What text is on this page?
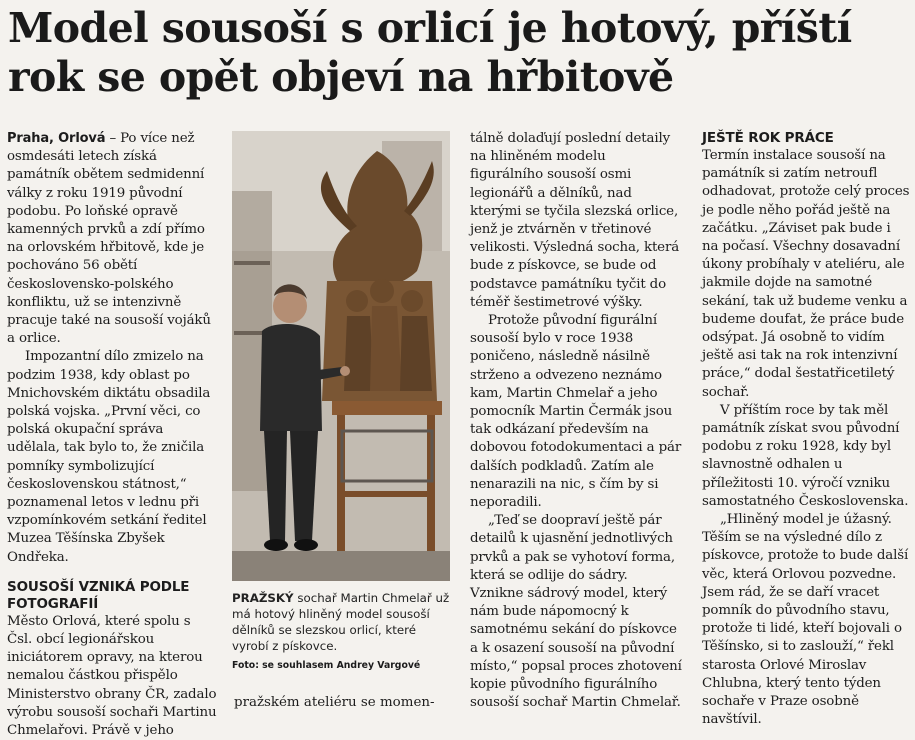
Model sousoší s orlicí je hotový, příští rok se opět objeví na hřbitově

Praha, Orlová – Po více než osmdesáti letech získá památník obětem sedmidenní války z roku 1919 původní podobu. Po loňské opravě kamenných prvků a zdí přímo na orlovském hřbitově, kde je pochováno 56 obětí československo-polského konfliktu, už se intenzivně pracuje také na sousoší vojáků a orlice.

Impozantní dílo zmizelo na podzim 1938, kdy oblast po Mnichovském diktátu obsadila polská vojska. „První věci, co polská okupační správa udělala, tak bylo to, že zničila pomníky symbolizující československou státnost,“ poznamenal letos v lednu při vzpomínkovém setkání ředitel Muzea Těšínska Zbyšek Ondřeka.

SOUSOŠÍ VZNIKÁ PODLE FOTOGRAFIÍ

Město Orlová, které spolu s Čsl. obcí legionářskou iniciátorem opravy, na kterou nemalou částkou přispělo Ministerstvo obrany ČR, zadalo výrobu sousoší sochaři Martinu Chmelařovi. Právě v jeho

PRAŽSKÝ sochař Martin Chmelař už má hotový hliněný model sousoší dělníků se slezskou orlicí, které vyrobí z pískovce.
Foto: se souhlasem Andrey Vargové
pražském ateliéru se momen-

tálně dolaďují poslední detaily na hliněném modelu figurálního sousoší osmi legionářů a dělníků, nad kterými se tyčila slezská orlice, jenž je ztvárněn v třetinové velikosti. Výsledná socha, která bude z pískovce, se bude od podstavce památníku tyčit do téměř šestimetrové výšky.

Protože původní figurální sousoší bylo v roce 1938 poničeno, následně násilně strženo a odvezeno neznámo kam, Martin Chmelař a jeho pomocník Martin Čermák jsou tak odkázaní především na dobovou fotodokumentaci a pár dalších podkladů. Zatím ale nenarazili na nic, s čím by si neporadili.

„Teď se doopraví ještě pár detailů k ujasnění jednotlivých prvků a pak se vyhotoví forma, která se odlije do sádry. Vznikne sádrový model, který nám bude nápomocný k samotnému sekání do pískovce a k osazení sousoší na původní místo,“ popsal proces zhotovení kopie původního figurálního sousoší sochař Martin Chmelař.

JEŠTĚ ROK PRÁCE

Termín instalace sousoší na památník si zatím netroufl odhadovat, protože celý proces je podle něho pořád ještě na začátku. „Záviset pak bude i na počasí. Všechny dosavadní úkony probíhaly v ateliéru, ale jakmile dojde na samotné sekání, tak už budeme venku a budeme doufat, že práce bude odsýpat. Já osobně to vidím ještě asi tak na rok intenzivní práce,“ dodal šestatřicetiletý sochař.

V příštím roce by tak měl památník získat svou původní podobu z roku 1928, kdy byl slavnostně odhalen u příležitosti 10. výročí vzniku samostatného Československa.

„Hliněný model je úžasný. Těším se na výsledné dílo z pískovce, protože to bude další věc, která Orlovou pozvedne. Jsem rád, že se daří vracet pomník do původního stavu, protože ti lidé, kteří bojovali o Těšínsko, si to zaslouží,“ řekl starosta Orlové Miroslav Chlubna, který tento týden sochaře v Praze osobně navštívil.
